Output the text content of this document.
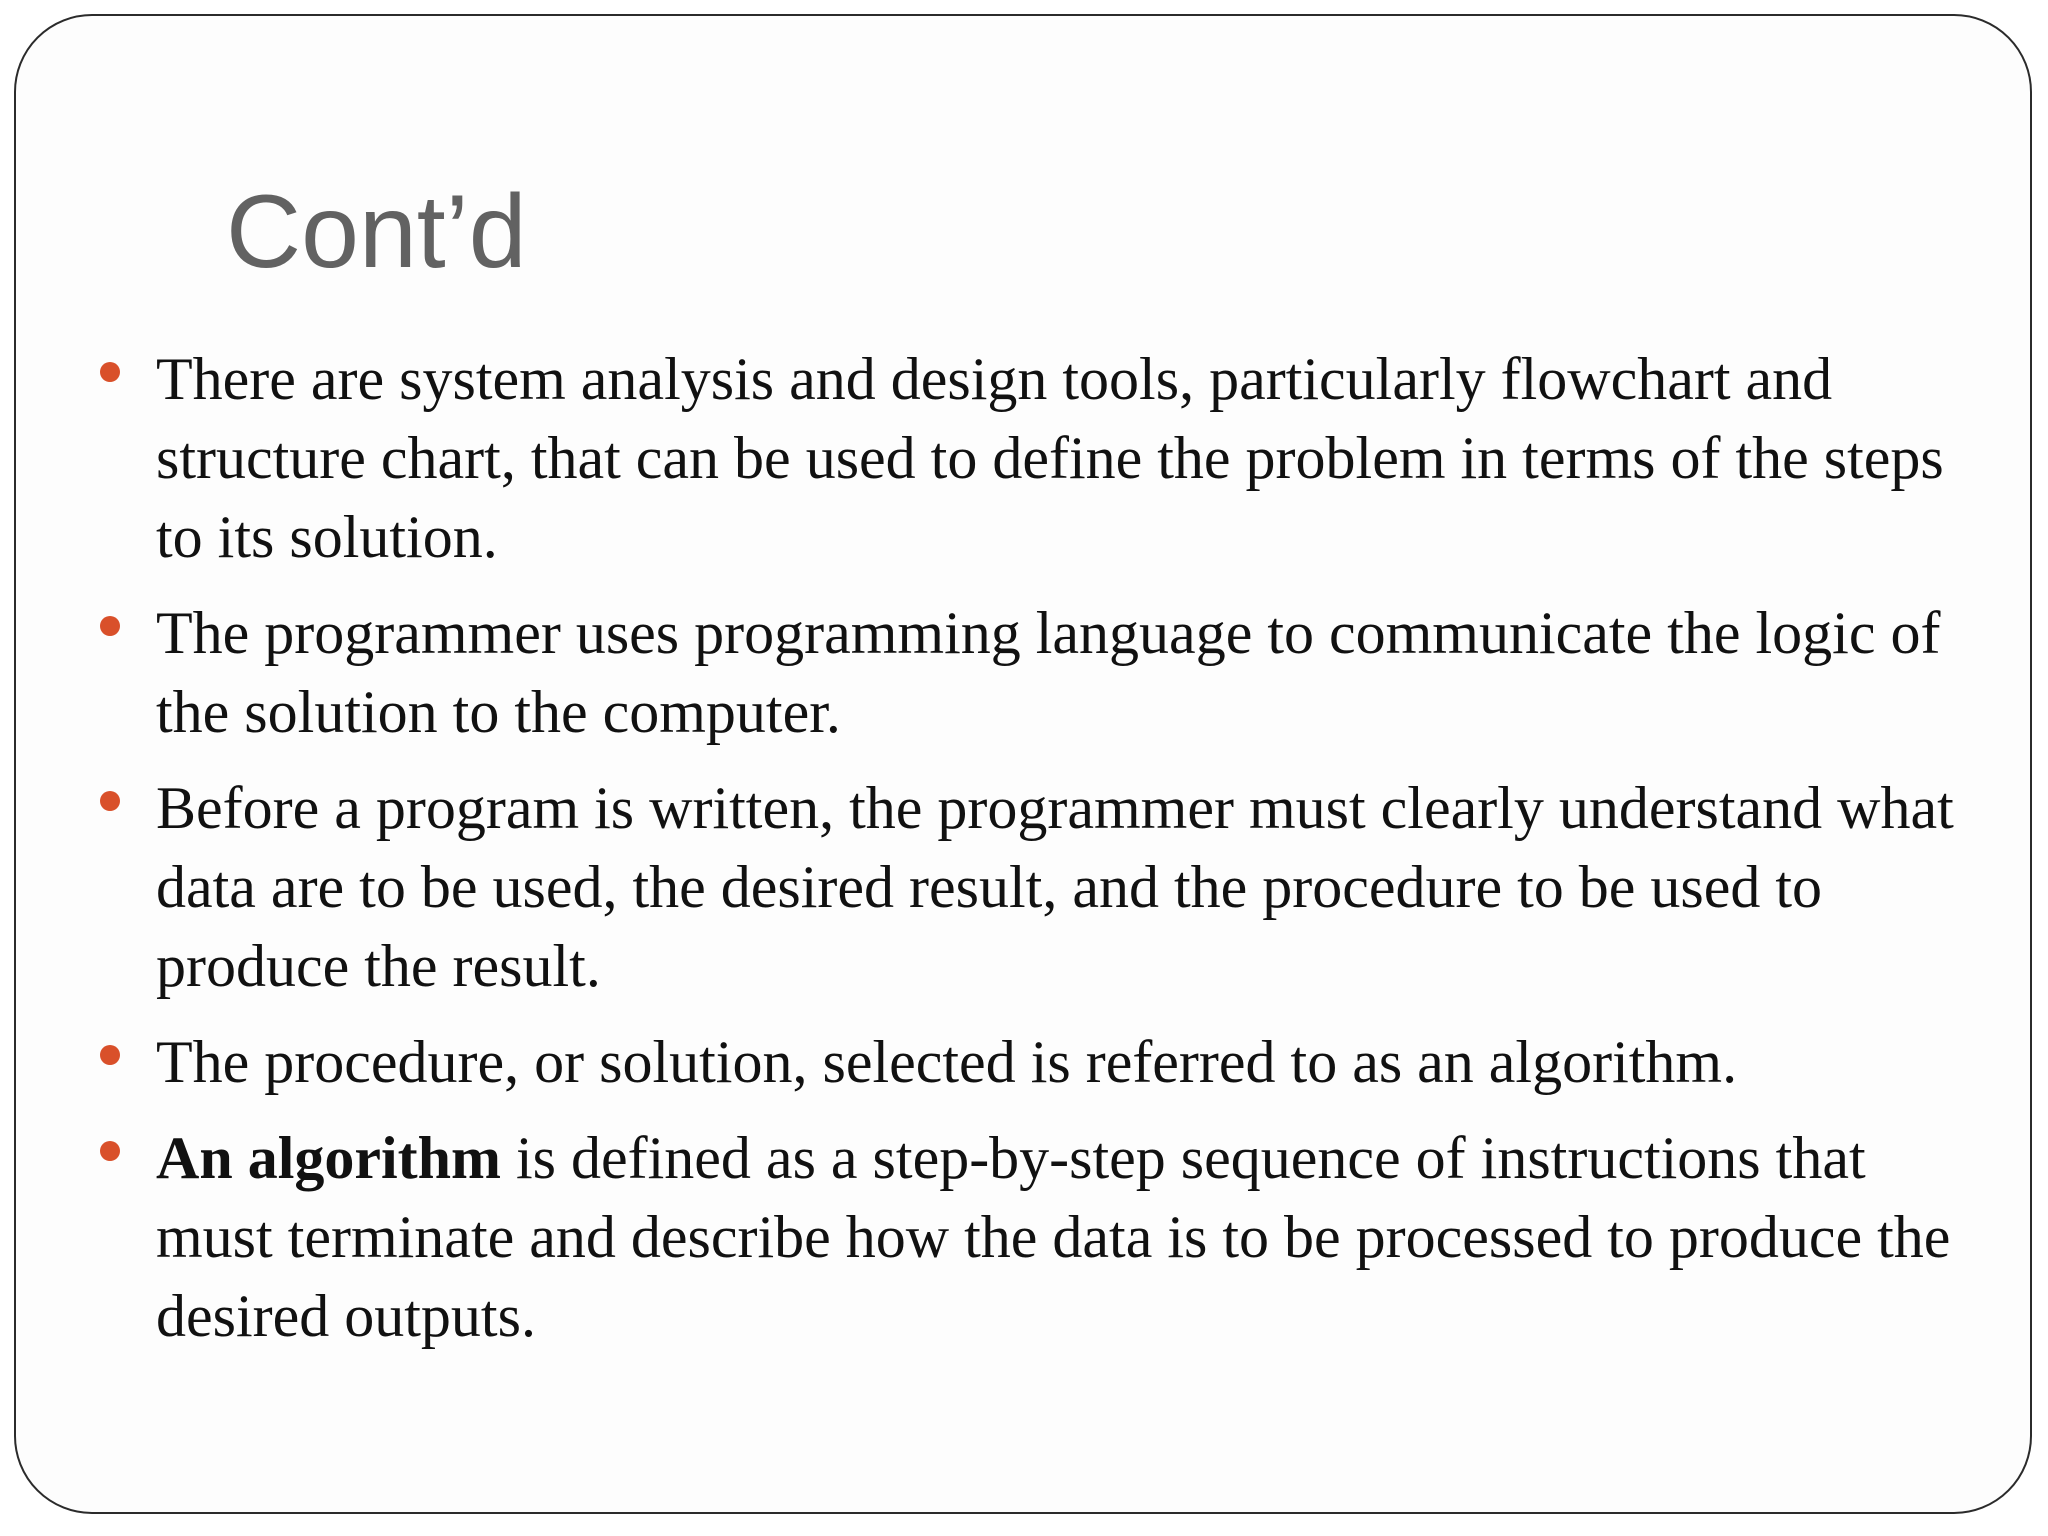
Cont’d
There are system analysis and design tools, particularly flowchart and structure chart, that can be used to define the problem in terms of the steps to its solution.
The programmer uses programming language to communicate the logic of the solution to the computer.
Before a program is written, the programmer must clearly understand what data are to be used, the desired result, and the procedure to be used to produce the result.
The procedure, or solution, selected is referred to as an algorithm.
An algorithm is defined as a step-by-step sequence of instructions that must terminate and describe how the data is to be processed to produce the desired outputs.
